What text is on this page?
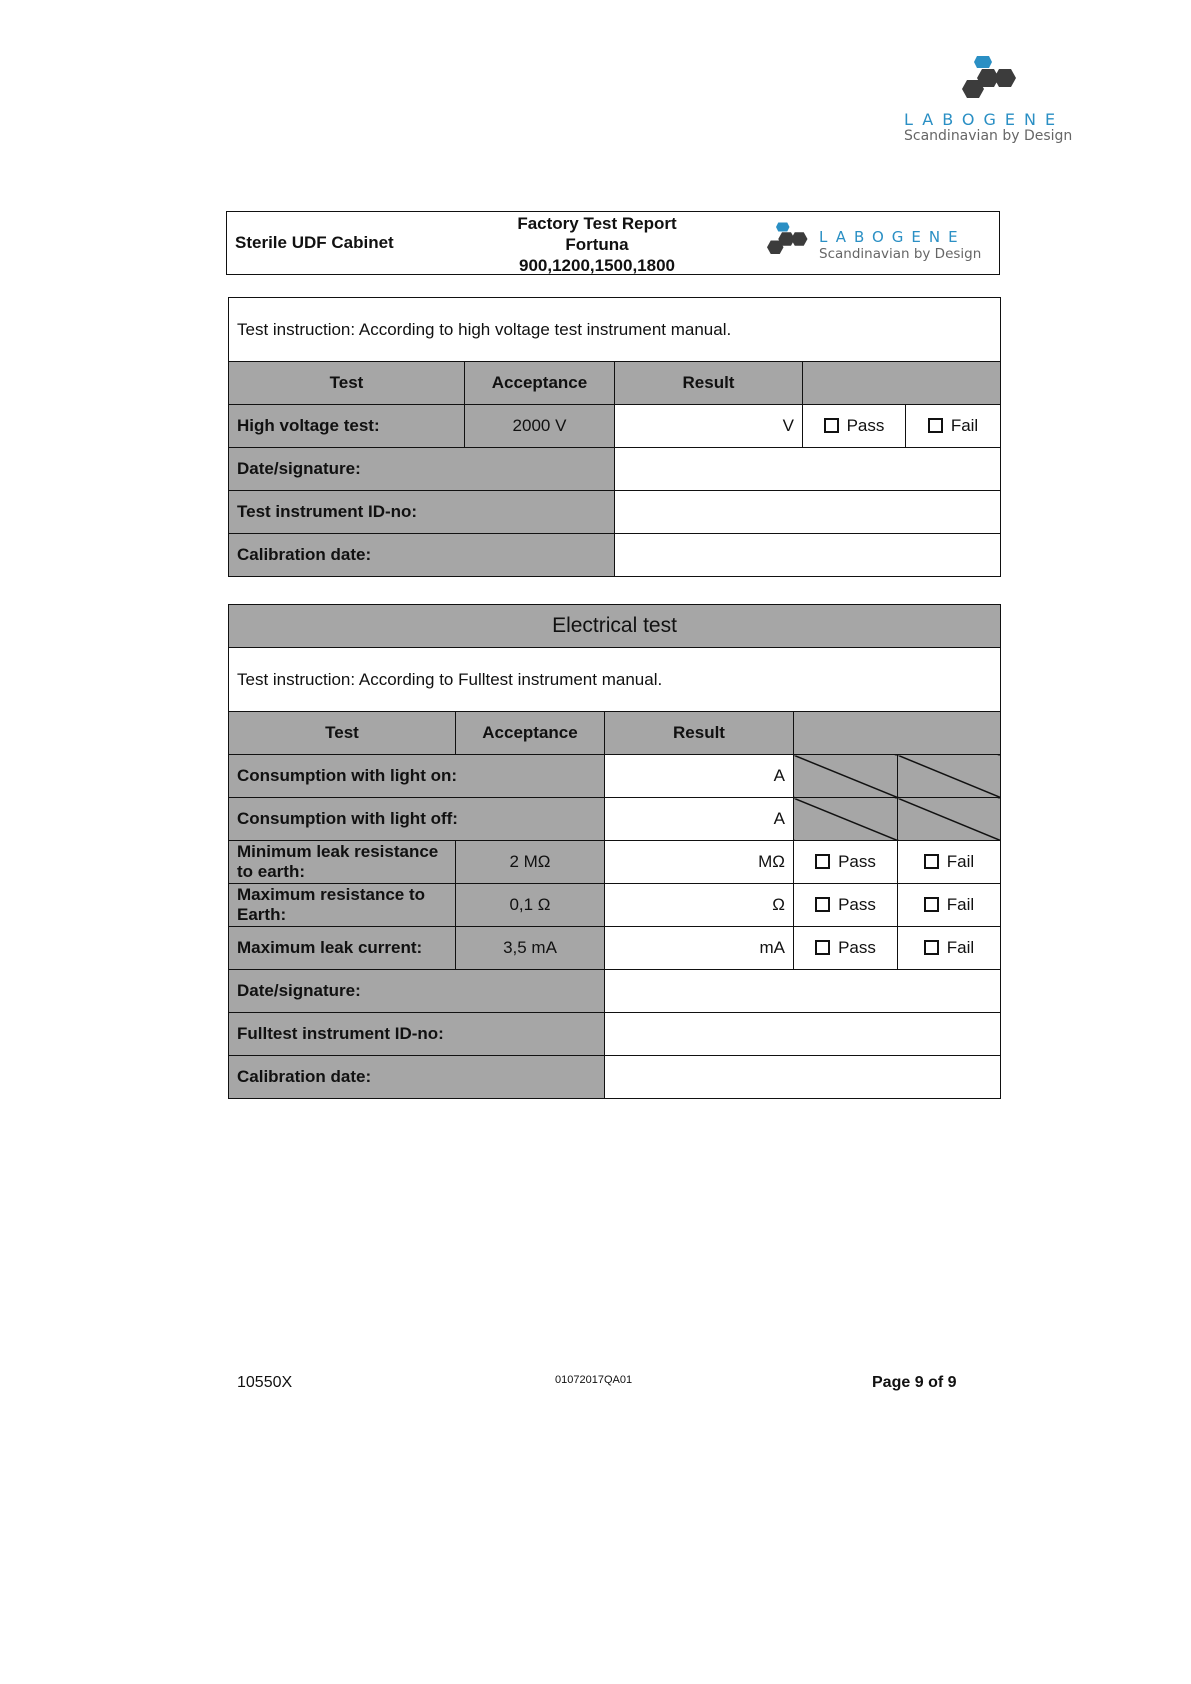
LABOGENE
Scandinavian by Design
Sterile UDF Cabinet
Factory Test Report
Fortuna
900,1200,1500,1800
LABOGENE
Scandinavian by Design
Test instruction: According to high voltage test instrument manual.				
Test	Acceptance	Result		
High voltage test:	2000 V	V	Pass	Fail
Date/signature:				
Test instrument ID-no:				
Calibration date:				
Electrical test				
Test instruction: According to Fulltest instrument manual.				
Test	Acceptance	Result		
Consumption with light on:		A		
Consumption with light off:		A		
Minimum leak resistance to earth:	2 MΩ	MΩ	Pass	Fail
Maximum resistance to Earth:	0,1 Ω	Ω	Pass	Fail
Maximum leak current:	3,5 mA	mA	Pass	Fail
Date/signature:				
Fulltest instrument ID-no:				
Calibration date:				
10550X	01072017QA01	Page 9 of 9
